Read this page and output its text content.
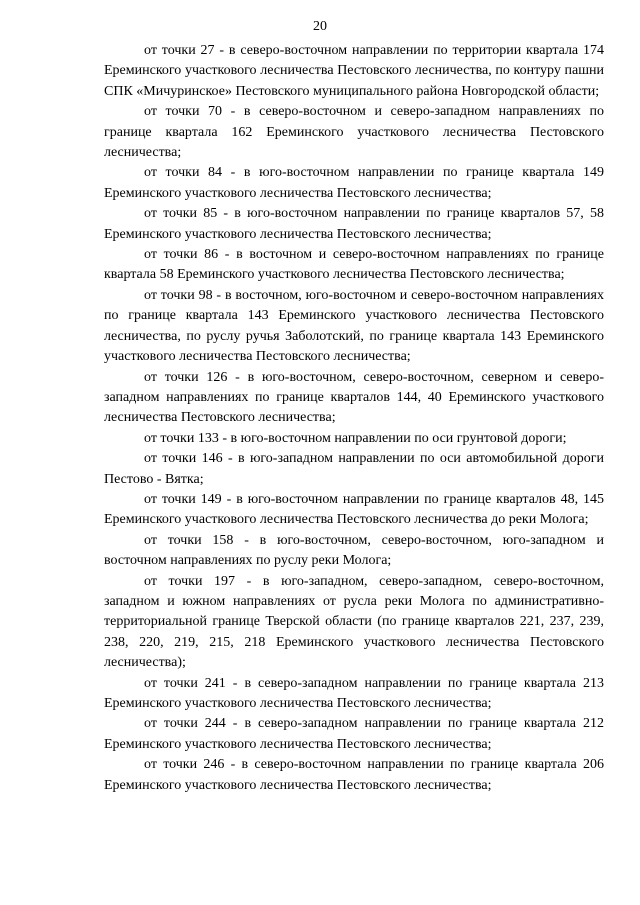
20

от точки 27 - в северо-восточном направлении по территории квартала 174 Ереминского участкового лесничества Пестовского лесничества, по контуру пашни СПК «Мичуринское» Пестовского муниципального района Новгородской области;

от точки 70 - в северо-восточном и северо-западном направлениях по границе квартала 162 Ереминского участкового лесничества Пестовского лесничества;

от точки 84 - в юго-восточном направлении по границе квартала 149 Ереминского участкового лесничества Пестовского лесничества;

от точки 85 - в юго-восточном направлении по границе кварталов 57, 58 Ереминского участкового лесничества Пестовского лесничества;

от точки 86 - в восточном и северо-восточном направлениях по границе квартала 58 Ереминского участкового лесничества Пестовского лесничества;

от точки 98 - в восточном, юго-восточном и северо-восточном направлениях по границе квартала 143 Ереминского участкового лесничества Пестовского лесничества, по руслу ручья Заболотский, по границе квартала 143 Ереминского участкового лесничества Пестовского лесничества;

от точки 126 - в юго-восточном, северо-восточном, северном и северо-западном направлениях по границе кварталов 144, 40 Ереминского участкового лесничества Пестовского лесничества;

от точки 133 - в юго-восточном направлении по оси грунтовой дороги;

от точки 146 - в юго-западном направлении по оси автомобильной дороги Пестово - Вятка;

от точки 149 - в юго-восточном направлении по границе кварталов 48, 145 Ереминского участкового лесничества Пестовского лесничества до реки Молога;

от точки 158 - в юго-восточном, северо-восточном, юго-западном и восточном направлениях по руслу реки Молога;

от точки 197 - в юго-западном, северо-западном, северо-восточном, западном и южном направлениях от русла реки Молога по административно-территориальной границе Тверской области (по границе кварталов 221, 237, 239, 238, 220, 219, 215, 218 Ереминского участкового лесничества Пестовского лесничества);

от точки 241 - в северо-западном направлении по границе квартала 213 Ереминского участкового лесничества Пестовского лесничества;

от точки 244 - в северо-западном направлении по границе квартала 212 Ереминского участкового лесничества Пестовского лесничества;

от точки 246 - в северо-восточном направлении по границе квартала 206 Ереминского участкового лесничества Пестовского лесничества;
